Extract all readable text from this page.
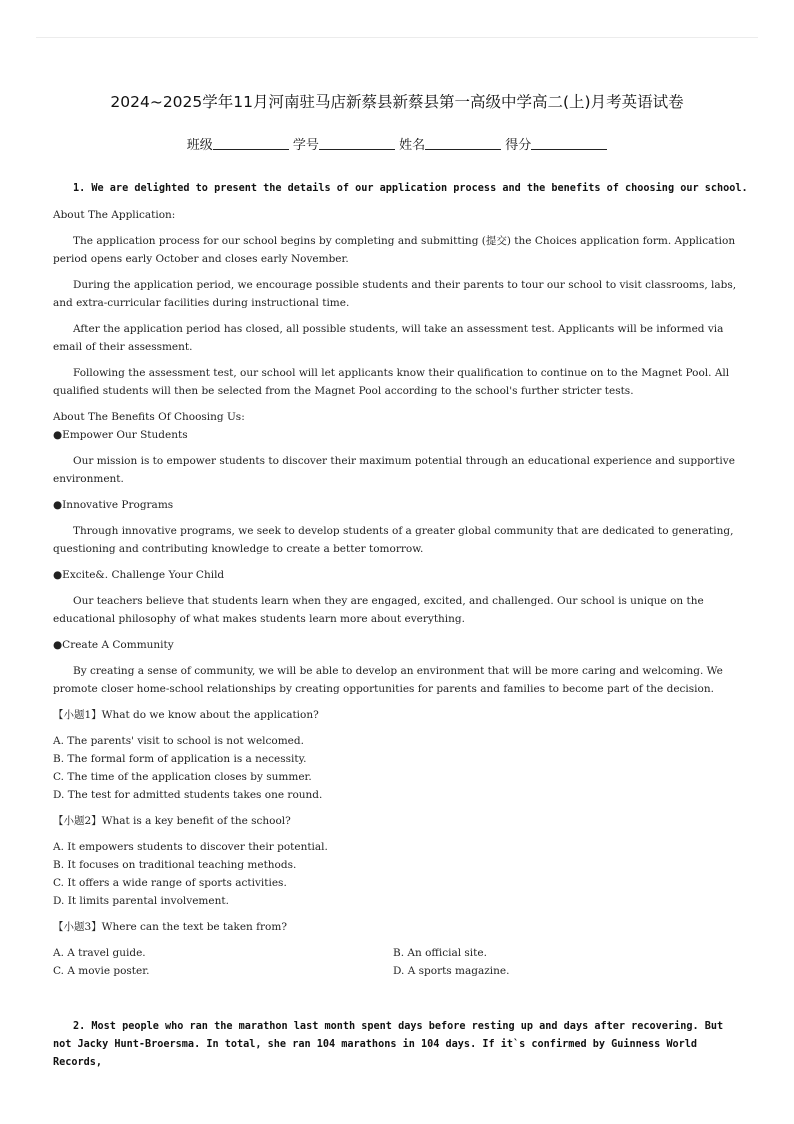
2024~2025学年11月河南驻马店新蔡县新蔡县第一高级中学高二(上)月考英语试卷
班级	学号	姓名	得分

1. We are delighted to present the details of our application process and the benefits of choosing our school.

About The Application:

The application process for our school begins by completing and submitting (提交) the Choices application form. Application period opens early October and closes early November.

During the application period, we encourage possible students and their parents to tour our school to visit classrooms, labs, and extra-curricular facilities during instructional time.

After the application period has closed, all possible students, will take an assessment test. Applicants will be informed via email of their assessment.

Following the assessment test, our school will let applicants know their qualification to continue on to the Magnet Pool. All qualified students will then be selected from the Magnet Pool according to the school's further stricter tests.

About The Benefits Of Choosing Us:

●Empower Our Students

Our mission is to empower students to discover their maximum potential through an educational experience and supportive environment.

●Innovative Programs

Through innovative programs, we seek to develop students of a greater global community that are dedicated to generating, questioning and contributing knowledge to create a better tomorrow.

●Excite&. Challenge Your Child

Our teachers believe that students learn when they are engaged, excited, and challenged. Our school is unique on the educational philosophy of what makes students learn more about everything.

●Create A Community

By creating a sense of community, we will be able to develop an environment that will be more caring and welcoming. We promote closer home-school relationships by creating opportunities for parents and families to become part of the decision.

【小题1】What do we know about the application?

A. The parents' visit to school is not welcomed.

B. The formal form of application is a necessity.

C. The time of the application closes by summer.

D. The test for admitted students takes one round.

【小题2】What is a key benefit of the school?

A. It empowers students to discover their potential.

B. It focuses on traditional teaching methods.

C. It offers a wide range of sports activities.

D. It limits parental involvement.

【小题3】Where can the text be taken from?

A. A travel guide.	B. An official site.

C. A movie poster.	D. A sports magazine.

2. Most people who ran the marathon last month spent days before resting up and days after recovering. But not Jacky Hunt-Broersma. In total, she ran 104 marathons in 104 days. If it`s confirmed by Guinness World Records,
